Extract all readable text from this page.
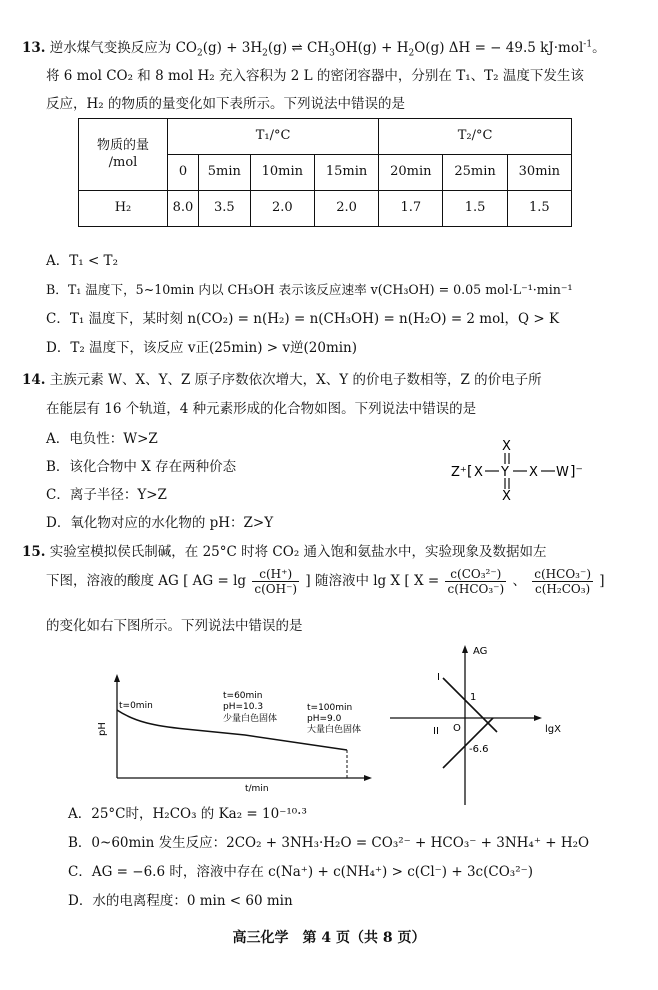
13. 逆水煤气变换反应为 $CO_2(g) + 3H_2(g)$ ⇌ $CH_3OH(g) + H_2O(g) \Delta H$ = − 49.5 kJ·mol$^{-1}$。
将 6 mol CO₂ 和 8 mol H₂ 充入容积为 2 L 的密闭容器中，分别在 T₁、T₂ 温度下发生该
反应，H₂ 的物质的量变化如下表所示。下列说法中错误的是
物质的量
/mol	T₁/°C				T₂/°C		
	0	5min	10min	15min	20min	25min	30min
H₂	8.0	3.5	2.0	2.0	1.7	1.5	1.5
A．T₁ < T₂
B．T₁ 温度下，5~10min 内以 CH₃OH 表示该反应速率 v(CH₃OH) = 0.05 mol·L⁻¹·min⁻¹
C．T₁ 温度下，某时刻 n(CO₂) = n(H₂) = n(CH₃OH) = n(H₂O) = 2 mol，Q > K
D．T₂ 温度下，该反应 v正(25min) > v逆(20min)
14. 主族元素 W、X、Y、Z 原子序数依次增大，X、Y 的价电子数相等，Z 的价电子所
在能层有 16 个轨道，4 种元素形成的化合物如图。下列说法中错误的是
A．电负性：W>Z
B．该化合物中 X 存在两种价态
C．离子半径：Y>Z
D．氧化物对应的水化物的 pH：Z>Y
Z⁺ [ X Y X W ]⁻
X
X
15. 实验室模拟侯氏制碱，在 25°C 时将 CO₂ 通入饱和氨盐水中，实验现象及数据如左
下图，溶液的酸度 AG [ AG = $\lg \frac{c(H^+)}{c(OH^-)}$ ] 随溶液中 lg X [ $X = \frac{\text{c(CO₃²⁻)}}{\text{c(HCO₃⁻)}}$ 、 $\frac{\text{c(HCO₃⁻)}}{\text{c(H₂CO₃)}}$ ]
的变化如右下图所示。下列说法中错误的是
pH
t/min
t=0min
t=60min
pH=10.3
少量白色固体
t=100min
pH=9.0
大量白色固体
AG
lgX
O
I
II
1
-6.6
A．25°C时，H₂CO₃ 的 Ka₂ = 10⁻¹⁰·³
B．0~60min 发生反应：2CO₂ + 3NH₃·H₂O = CO₃²⁻ + HCO₃⁻ + 3NH₄⁺ + H₂O
C．AG = −6.6 时，溶液中存在 c(Na⁺) + c(NH₄⁺) > c(Cl⁻) + 3c(CO₃²⁻)
D．水的电离程度：0 min < 60 min
高三化学　第 4 页（共 8 页）
